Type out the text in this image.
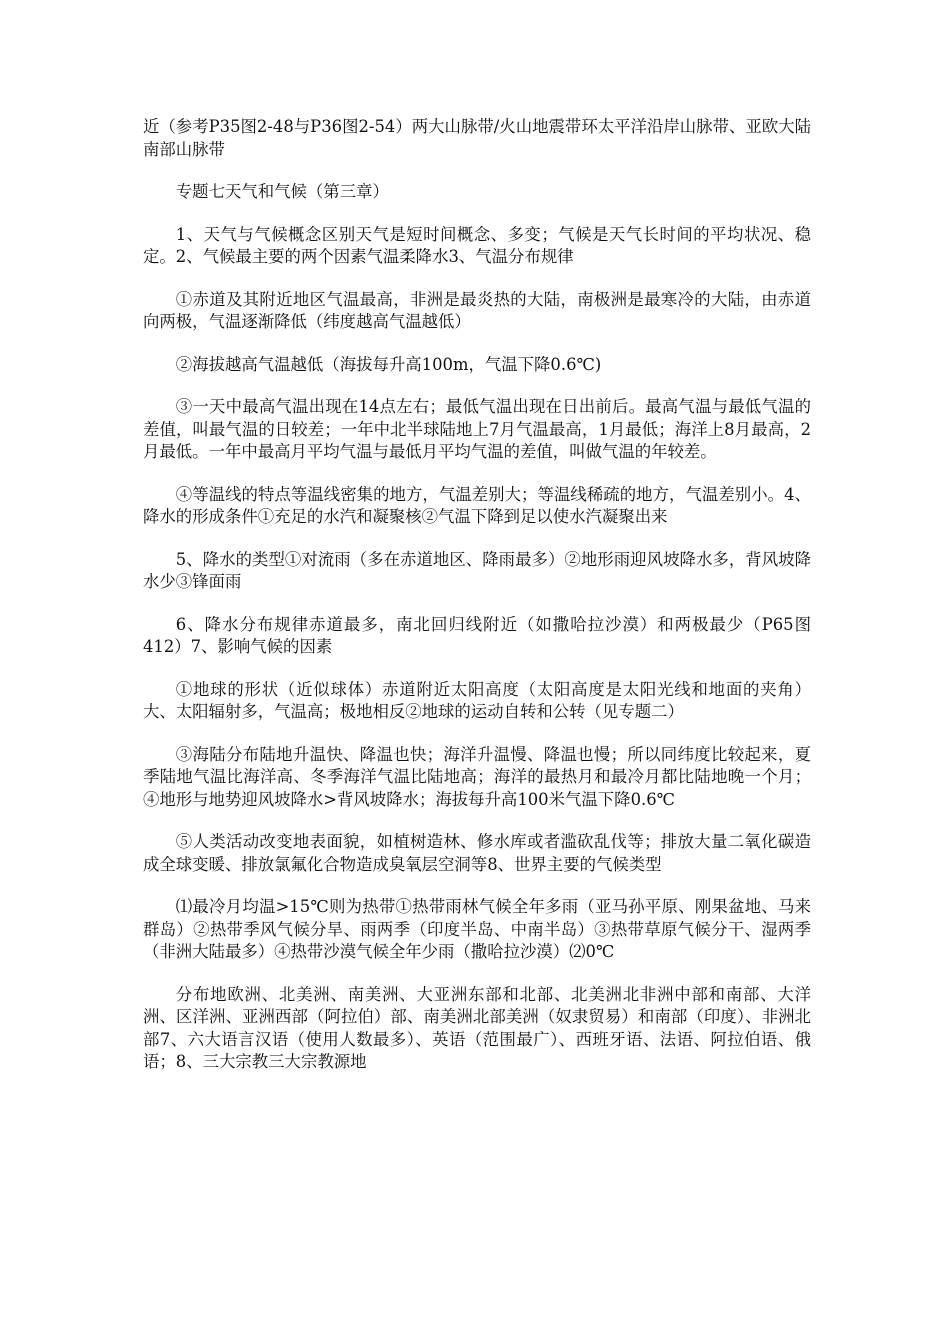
近（参考P35图2-48与P36图2-54）两大山脉带/火山地震带环太平洋沿岸山脉带、亚欧大陆南部山脉带

专题七天气和气候（第三章）

1、天气与气候概念区别天气是短时间概念、多变；气候是天气长时间的平均状况、稳定。2、气候最主要的两个因素气温柔降水3、气温分布规律

①赤道及其附近地区气温最高，非洲是最炎热的大陆，南极洲是最寒冷的大陆，由赤道向两极，气温逐渐降低（纬度越高气温越低）

②海拔越高气温越低（海拔每升高100m，气温下降0.6℃)

③一天中最高气温出现在14点左右；最低气温出现在日出前后。最高气温与最低气温的差值，叫最气温的日较差；一年中北半球陆地上7月气温最高，1月最低；海洋上8月最高，2月最低。一年中最高月平均气温与最低月平均气温的差值，叫做气温的年较差。

④等温线的特点等温线密集的地方，气温差别大；等温线稀疏的地方，气温差别小。4、降水的形成条件①充足的水汽和凝聚核②气温下降到足以使水汽凝聚出来

5、降水的类型①对流雨（多在赤道地区、降雨最多）②地形雨迎风坡降水多，背风坡降水少③锋面雨

6、降水分布规律赤道最多，南北回归线附近（如撒哈拉沙漠）和两极最少（P65图412）7、影响气候的因素

①地球的形状（近似球体）赤道附近太阳高度（太阳高度是太阳光线和地面的夹角）大、太阳辐射多，气温高；极地相反②地球的运动自转和公转（见专题二）

③海陆分布陆地升温快、降温也快；海洋升温慢、降温也慢；所以同纬度比较起来，夏季陆地气温比海洋高、冬季海洋气温比陆地高；海洋的最热月和最冷月都比陆地晚一个月；④地形与地势迎风坡降水>背风坡降水；海拔每升高100米气温下降0.6℃

⑤人类活动改变地表面貌，如植树造林、修水库或者滥砍乱伐等；排放大量二氧化碳造成全球变暖、排放氯氟化合物造成臭氧层空洞等8、世界主要的气候类型

⑴最冷月均温>15℃则为热带①热带雨林气候全年多雨（亚马孙平原、刚果盆地、马来群岛）②热带季风气候分旱、雨两季（印度半岛、中南半岛）③热带草原气候分干、湿两季（非洲大陆最多）④热带沙漠气候全年少雨（撒哈拉沙漠）⑵0℃

分布地欧洲、北美洲、南美洲、大亚洲东部和北部、北美洲北非洲中部和南部、大洋洲、区洋洲、亚洲西部（阿拉伯）部、南美洲北部美洲（奴隶贸易）和南部（印度）、非洲北部7、六大语言汉语（使用人数最多）、英语（范围最广）、西班牙语、法语、阿拉伯语、俄语；8、三大宗教三大宗教源地
